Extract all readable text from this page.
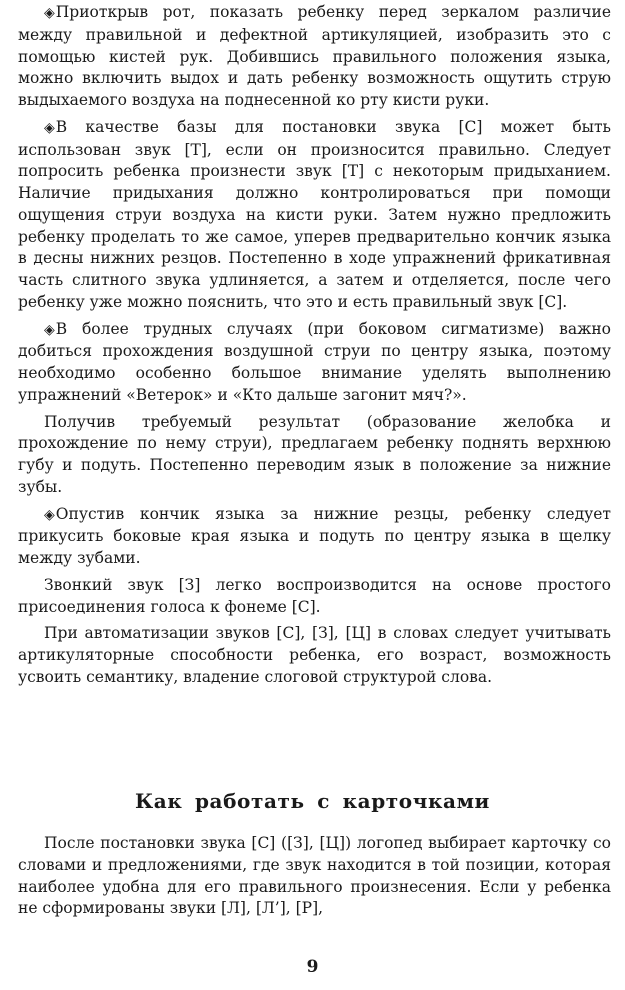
◈Приоткрыв рот, показать ребенку перед зеркалом различие между правильной и дефектной артикуляцией, изобразить это с помощью кистей рук. Добившись правильного положения языка, можно включить выдох и дать ребенку возможность ощутить струю выдыхаемого воздуха на поднесенной ко рту кисти руки.

◈В качестве базы для постановки звука [С] может быть использован звук [Т], если он произносится правильно. Следует попросить ребенка произнести звук [Т] с некоторым придыханием. Наличие придыхания должно контролироваться при помощи ощущения струи воздуха на кисти руки. Затем нужно предложить ребенку проделать то же самое, уперев предварительно кончик языка в десны нижних резцов. Постепенно в ходе упражнений фрикативная часть слитного звука удлиняется, а затем и отделяется, после чего ребенку уже можно пояснить, что это и есть правильный звук [С].

◈В более трудных случаях (при боковом сигматизме) важно добиться прохождения воздушной струи по центру языка, поэтому необходимо особенно большое внимание уделять выполнению упражнений «Ветерок» и «Кто дальше загонит мяч?».

Получив требуемый результат (образование желобка и прохождение по нему струи), предлагаем ребенку поднять верхнюю губу и подуть. Постепенно переводим язык в положение за нижние зубы.

◈Опустив кончик языка за нижние резцы, ребенку следует прикусить боковые края языка и подуть по центру языка в щелку между зубами.

Звонкий звук [З] легко воспроизводится на основе простого присоединения голоса к фонеме [С].

При автоматизации звуков [С], [З], [Ц] в словах следует учитывать артикуляторные способности ребенка, его возраст, возможность усвоить семантику, владение слоговой структурой слова.

Как работать с карточками

После постановки звука [С] ([З], [Ц]) логопед выбирает карточку со словами и предложениями, где звук находится в той позиции, которая наиболее удобна для его правильного произнесения. Если у ребенка не сформированы звуки [Л], [Л’], [Р],

9
